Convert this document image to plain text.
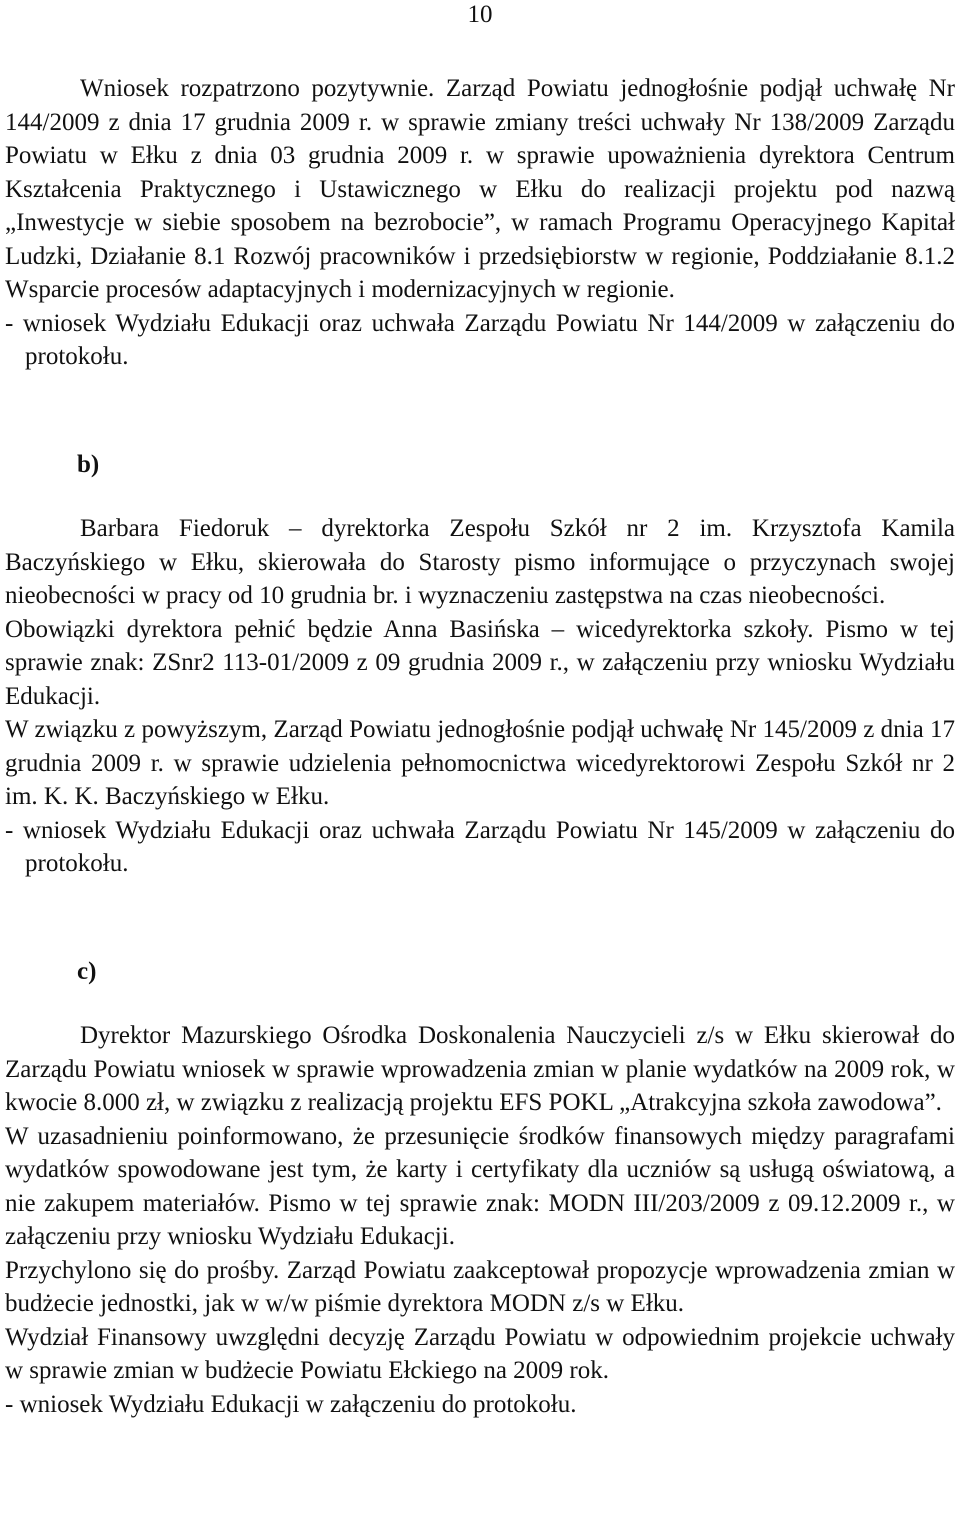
10

Wniosek rozpatrzono pozytywnie. Zarząd Powiatu jednogłośnie podjął uchwałę Nr 144/2009 z dnia 17 grudnia 2009 r. w sprawie zmiany treści uchwały Nr 138/2009 Zarządu Powiatu w Ełku z dnia 03 grudnia 2009 r. w sprawie upoważnienia dyrektora Centrum Kształcenia Praktycznego i Ustawicznego w Ełku do realizacji projektu pod nazwą „Inwestycje w siebie sposobem na bezrobocie”, w ramach Programu Operacyjnego Kapitał Ludzki, Działanie 8.1 Rozwój pracowników i przedsiębiorstw w regionie, Poddziałanie 8.1.2 Wsparcie procesów adaptacyjnych i modernizacyjnych w regionie.

- wniosek Wydziału Edukacji oraz uchwała Zarządu Powiatu Nr 144/2009 w załączeniu do protokołu.

b)

Barbara Fiedoruk – dyrektorka Zespołu Szkół nr 2 im. Krzysztofa Kamila Baczyńskiego w Ełku, skierowała do Starosty pismo informujące o przyczynach swojej nieobecności w pracy od 10 grudnia br. i wyznaczeniu zastępstwa na czas nieobecności.

Obowiązki dyrektora pełnić będzie Anna Basińska – wicedyrektorka szkoły. Pismo w tej sprawie znak: ZSnr2 113-01/2009 z 09 grudnia 2009 r., w załączeniu przy wniosku Wydziału Edukacji.

W związku z powyższym, Zarząd Powiatu jednogłośnie podjął uchwałę Nr 145/2009 z dnia 17 grudnia 2009 r. w sprawie udzielenia pełnomocnictwa wicedyrektorowi Zespołu Szkół nr 2 im. K. K. Baczyńskiego w Ełku.

- wniosek Wydziału Edukacji oraz uchwała Zarządu Powiatu Nr 145/2009 w załączeniu do protokołu.

c)

Dyrektor Mazurskiego Ośrodka Doskonalenia Nauczycieli z/s w Ełku skierował do Zarządu Powiatu wniosek w sprawie wprowadzenia zmian w planie wydatków na 2009 rok, w kwocie 8.000 zł, w związku z realizacją projektu EFS POKL „Atrakcyjna szkoła zawodowa”.

W uzasadnieniu poinformowano, że przesunięcie środków finansowych między paragrafami wydatków spowodowane jest tym, że karty i certyfikaty dla uczniów są usługą oświatową, a nie zakupem materiałów. Pismo w tej sprawie znak: MODN III/203/2009 z 09.12.2009 r., w załączeniu przy wniosku Wydziału Edukacji.

Przychylono się do prośby. Zarząd Powiatu zaakceptował propozycje wprowadzenia zmian w budżecie jednostki, jak w w/w piśmie dyrektora MODN z/s w Ełku.

Wydział Finansowy uwzględni decyzję Zarządu Powiatu w odpowiednim projekcie uchwały w sprawie zmian w budżecie Powiatu Ełckiego na 2009 rok.

- wniosek Wydziału Edukacji w załączeniu do protokołu.
